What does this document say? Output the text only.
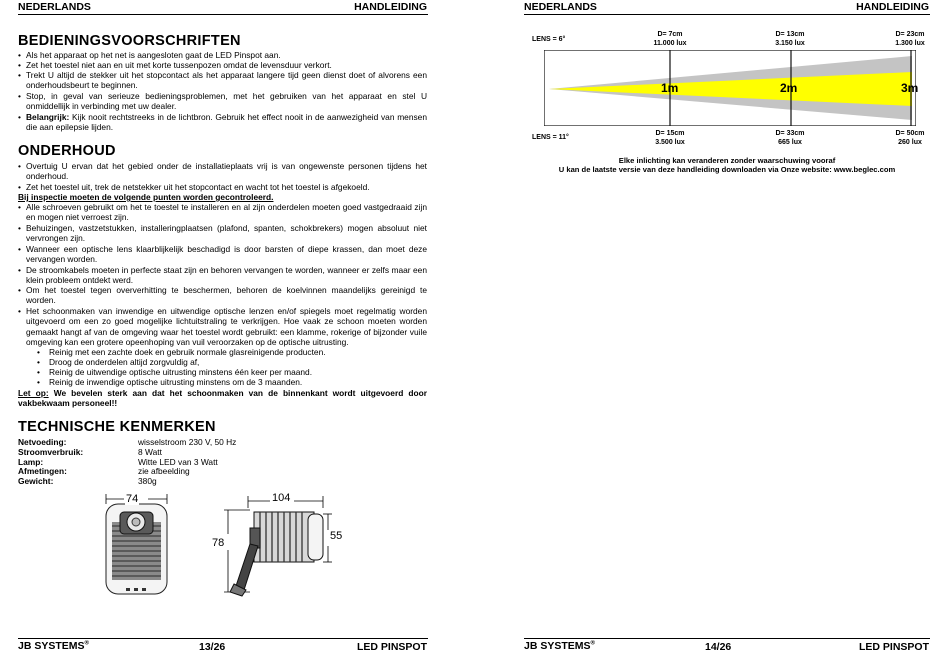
NEDERLANDS	HANDLEIDING
BEDIENINGSVOORSCHRIFTEN
• Als het apparaat op het net is aangesloten gaat de LED Pinspot aan.
• Zet het toestel niet aan en uit met korte tussenpozen omdat de levensduur verkort.
• Trekt U altijd de stekker uit het stopcontact als het apparaat langere tijd geen dienst doet of alvorens een onderhoudsbeurt te beginnen.
• Stop, in geval van serieuze bedieningsproblemen, met het gebruiken van het apparaat en stel U onmiddellijk in verbinding met uw dealer.
• Belangrijk: Kijk nooit rechtstreeks in de lichtbron. Gebruik het effect nooit in de aanwezigheid van mensen die aan epilepsie lijden.
ONDERHOUD
• Overtuig U ervan dat het gebied onder de installatieplaats vrij is van ongewenste personen tijdens het onderhoud.
• Zet het toestel uit, trek de netstekker uit het stopcontact en wacht tot het toestel is afgekoeld.
Bij inspectie moeten de volgende punten worden gecontroleerd.
• Alle schroeven gebruikt om het te toestel te installeren en al zijn onderdelen moeten goed vastgedraaid zijn en mogen niet verroest zijn.
• Behuizingen, vastzetstukken, installeringplaatsen (plafond, spanten, schokbrekers) mogen absoluut niet vervrongen zijn.
• Wanneer een optische lens klaarblijkelijk beschadigd is door barsten of diepe krassen, dan moet deze vervangen worden.
• De stroomkabels moeten in perfecte staat zijn en behoren vervangen te worden, wanneer er zelfs maar een klein probleem ontdekt werd.
• Om het toestel tegen oververhitting te beschermen, behoren de koelvinnen maandelijks gereinigd te worden.
• Het schoonmaken van inwendige en uitwendige optische lenzen en/of spiegels moet regelmatig worden uitgevoerd om een zo goed mogelijke lichtuitstraling te verkrijgen. Hoe vaak ze schoon moeten worden gemaakt hangt af van de omgeving waar het toestel wordt gebruikt: een klamme, rokerige of bijzonder vuile omgeving kan een grotere opeenhoping van vuil veroorzaken op de optische uitrusting.
• Reinig met een zachte doek en gebruik normale glasreinigende producten.
• Droog de onderdelen altijd zorgvuldig af,
• Reinig de uitwendige optische uitrusting minstens één keer per maand.
• Reinig de inwendige optische uitrusting minstens om de 3 maanden.
Let op: We bevelen sterk aan dat het schoonmaken van de binnenkant wordt uitgevoerd door vakbekwaam personeel!!
TECHNISCHE KENMERKEN
Netvoeding:	wisselstroom 230 V, 50 Hz
Stroomverbruik:	8 Watt
Lamp:	Witte LED van 3 Watt
Afmetingen:	zie afbeelding
Gewicht:	380g
74	104
78
55
JB SYSTEMS®	13/26	LED PINSPOT
NEDERLANDS	HANDLEIDING
1m	2m	3m
LENS = 6°
LENS = 11°
D= 7cm
11.000 lux
D= 13cm
3.150 lux
D= 23cm
1.300 lux
D= 15cm
3.500 lux
D= 33cm
665 lux
D= 50cm
260 lux
Elke inlichting kan veranderen zonder waarschuwing vooraf
U kan de laatste versie van deze handleiding downloaden via Onze website: www.beglec.com
JB SYSTEMS®	14/26	LED PINSPOT
